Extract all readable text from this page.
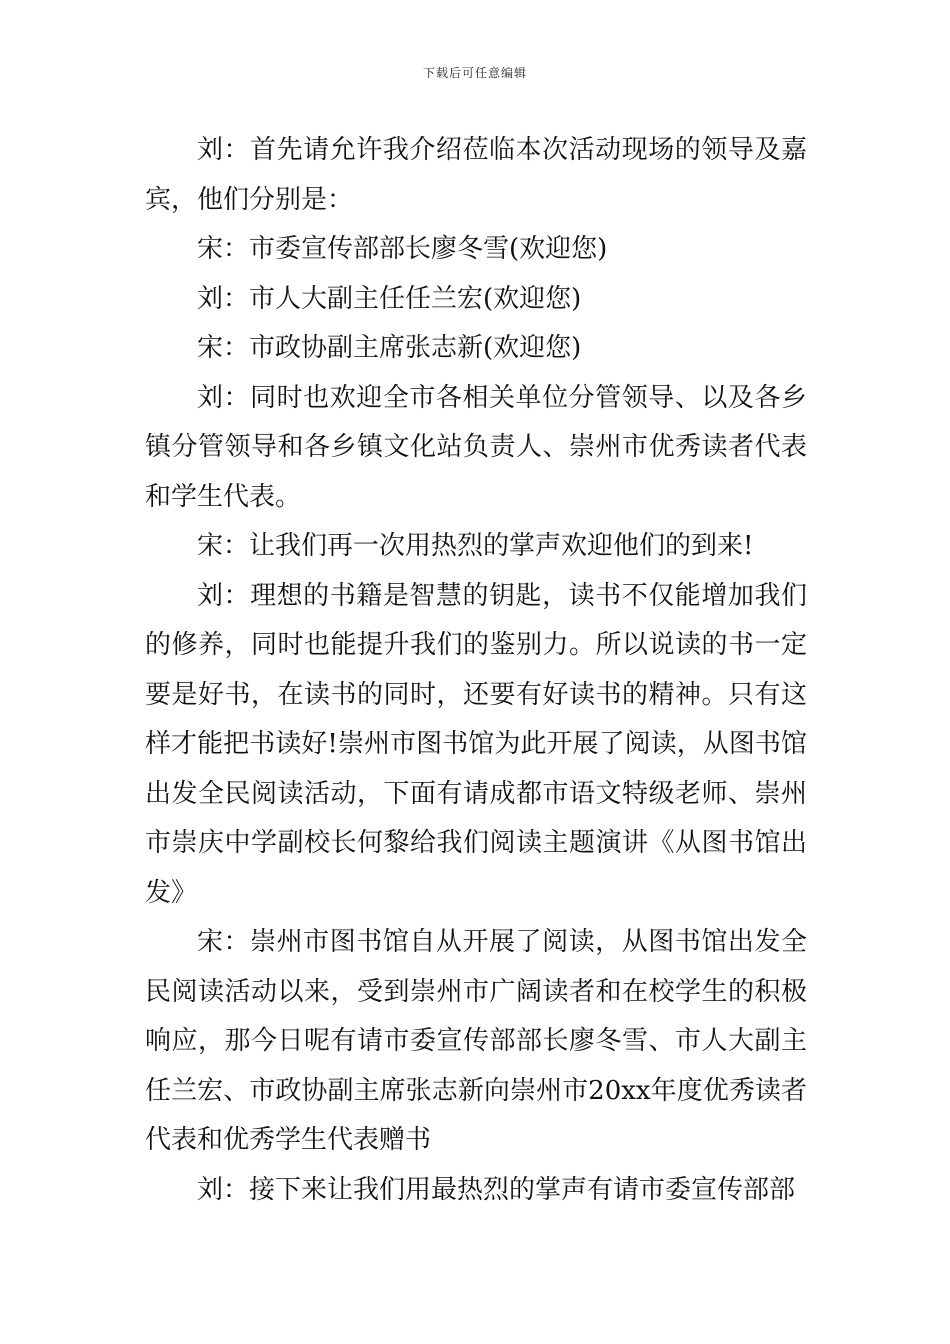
下载后可任意编辑

刘：首先请允许我介绍莅临本次活动现场的领导及嘉宾，他们分别是：

宋：市委宣传部部长廖冬雪(欢迎您)

刘：市人大副主任任兰宏(欢迎您)

宋：市政协副主席张志新(欢迎您)

刘：同时也欢迎全市各相关单位分管领导、以及各乡镇分管领导和各乡镇文化站负责人、崇州市优秀读者代表和学生代表。

宋：让我们再一次用热烈的掌声欢迎他们的到来!

刘：理想的书籍是智慧的钥匙，读书不仅能增加我们的修养，同时也能提升我们的鉴别力。所以说读的书一定要是好书，在读书的同时，还要有好读书的精神。只有这样才能把书读好!崇州市图书馆为此开展了阅读，从图书馆出发全民阅读活动，下面有请成都市语文特级老师、崇州市崇庆中学副校长何黎给我们阅读主题演讲《从图书馆出发》

宋：崇州市图书馆自从开展了阅读，从图书馆出发全民阅读活动以来，受到崇州市广阔读者和在校学生的积极响应，那今日呢有请市委宣传部部长廖冬雪、市人大副主任兰宏、市政协副主席张志新向崇州市20xx年度优秀读者代表和优秀学生代表赠书

刘：接下来让我们用最热烈的掌声有请市委宣传部部
